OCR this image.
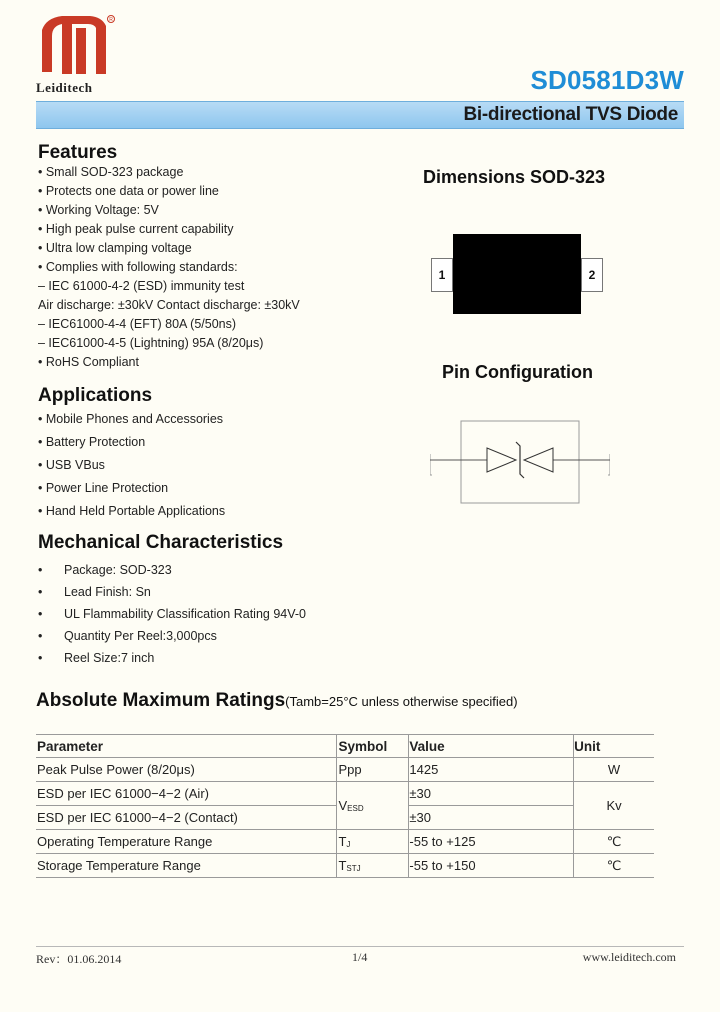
R
Leiditech	SD0581D3W
Bi-directional TVS Diode
Features
• Small SOD-323 package
• Protects one data or power line
• Working Voltage: 5V
• High peak pulse current capability
• Ultra low clamping voltage
• Complies with following standards:
– IEC 61000-4-2 (ESD) immunity test
Air discharge: ±30kV Contact discharge: ±30kV
– IEC61000-4-4 (EFT) 80A (5/50ns)
– IEC61000-4-5 (Lightning) 95A (8/20μs)
• RoHS Compliant
Applications
• Mobile Phones and Accessories
• Battery Protection
• USB VBus
• Power Line Protection
• Hand Held Portable Applications
Mechanical Characteristics
• Package: SOD-323
• Lead Finish: Sn
• UL Flammability Classification Rating 94V-0
• Quantity Per Reel:3,000pcs
• Reel Size:7 inch
Dimensions SOD-323
1	2
Pin Configuration
Absolute Maximum Ratings(Tamb=25°C unless otherwise specified)
Parameter	Symbol	Value	Unit
Peak Pulse Power (8/20μs)	Ppp	1425	W
ESD per IEC 61000−4−2 (Air)	$V_{ESD}$	±30	Kv
ESD per IEC 61000−4−2 (Contact)		±30	
Operating Temperature Range	$T_J$	-55 to +125	℃
Storage Temperature Range	$T_{STJ}$	-55 to +150	℃
Rev：01.06.2014	1/4	www.leiditech.com
